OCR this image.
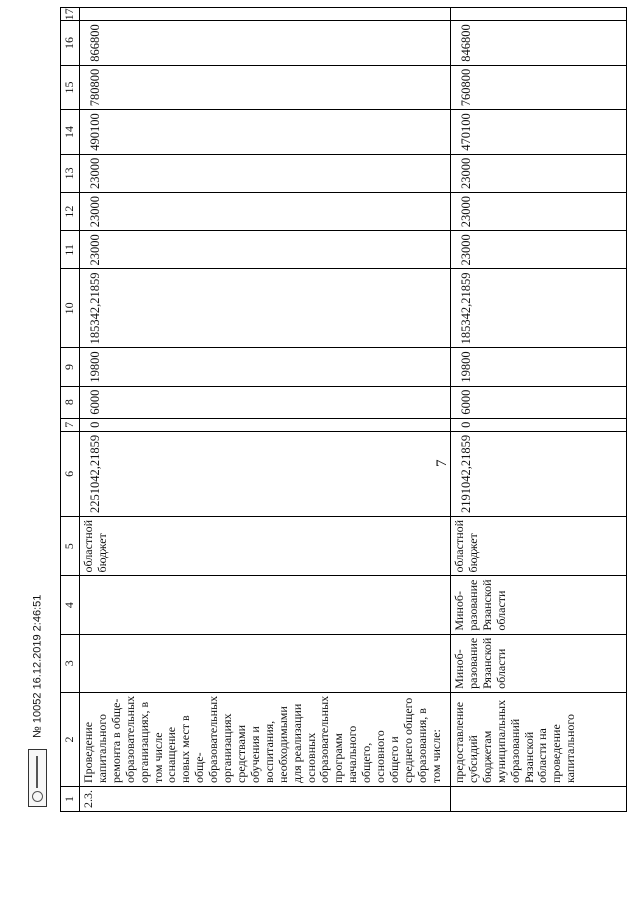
№ 10052 16.12.2019 2:46:51
7
1	2	3	4	5	6	7	8	9	10	11	12	13	14	15	16	17
2.3.	Проведение капитального ремонта в обще-образовательных организациях, в том числе оснащение новых мест в обще-образовательных организациях средствами обучения и воспитания, необходимыми для реализации основных образовательных программ начального общего, основного общего и среднего общего образования, в том числе:			областной бюджет	2251042,21859	0	6000	19800	185342,21859	23000	23000	23000	490100	780800	866800	
	предоставление субсидий бюджетам муниципальных образований Рязанской области на проведение капитального	Миноб-разование Рязанской области	Миноб-разование Рязанской области	областной бюджет	2191042,21859	0	6000	19800	185342,21859	23000	23000	23000	470100	760800	846800	
